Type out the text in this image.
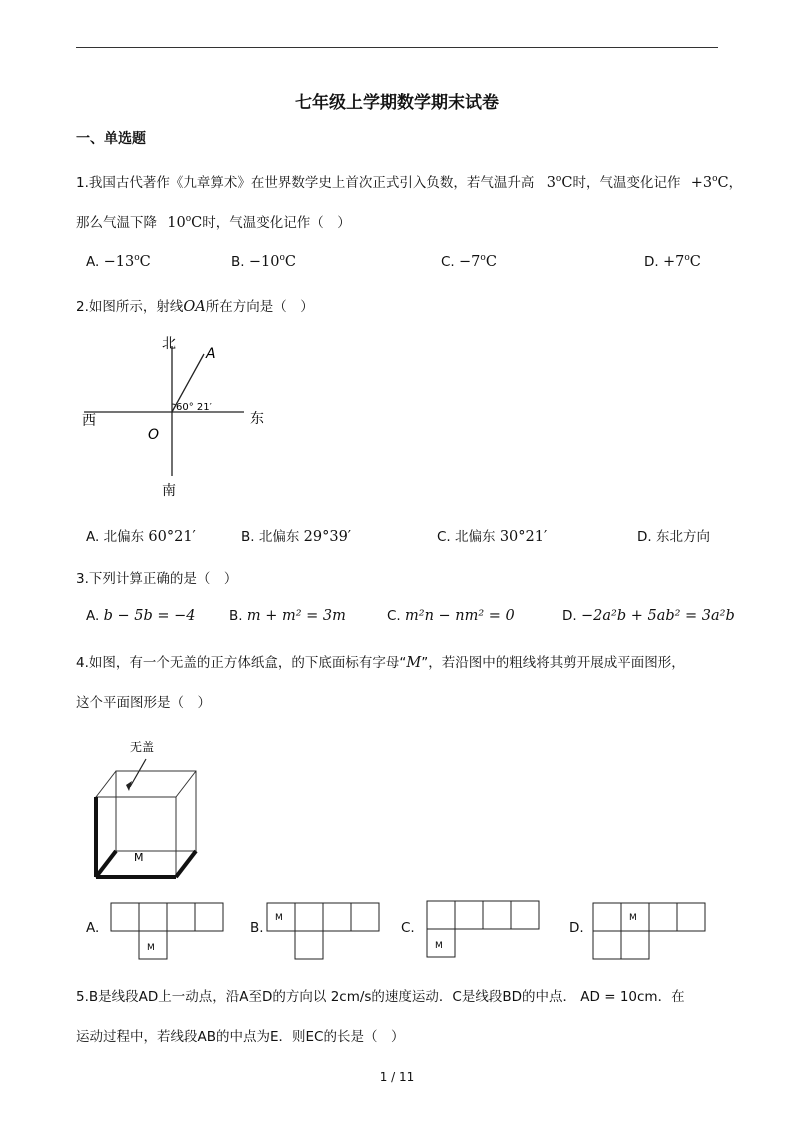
七年级上学期数学期末试卷
一、单选题
1.我国古代著作《九章算术》在世界数学史上首次正式引入负数，若气温升高 3$^o$C时，气温变化记作 $+3^oC$，
那么气温下降 10$^o$C时，气温变化记作（　）
A. $-13^oC$	B. $-10^oC$	C. $-7^oC$	D. $+7^oC$
2.如图所示，射线OA所在方向是（　）
北
A
西	东
O
60° 21′
南
A. 北偏东 60°21′	B. 北偏东 29°39′	C. 北偏东 30°21′	D. 东北方向
3.下列计算正确的是（　）
A. b − 5b = −4 B. m + m² = 3m	C. m²n − nm² = 0	D. −2a²b + 5ab² = 3a²b
4.如图，有一个无盖的正方体纸盒，的下底面标有字母“M”，若沿图中的粗线将其剪开展成平面图形，
这个平面图形是（　）
无盖
M
A.
M
B.
M
C.
M
D.
M
5.B是线段AD上一动点，沿A至D的方向以 2cm/s的速度运动．C是线段BD的中点． AD = 10cm．在
运动过程中，若线段AB的中点为E．则EC的长是（　）
1 / 11
